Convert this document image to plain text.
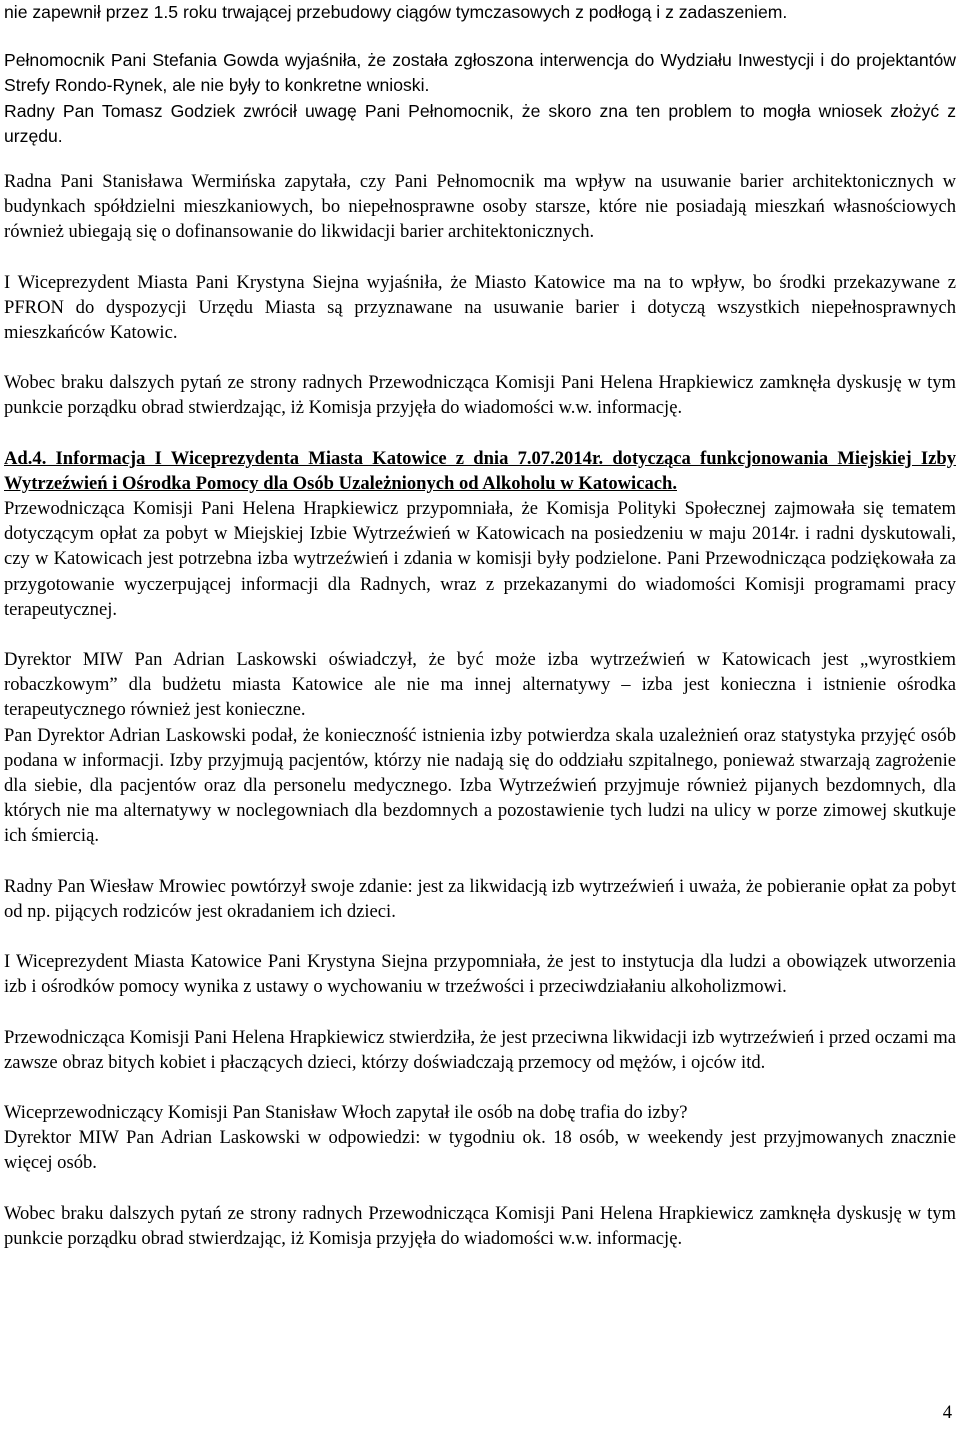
nie zapewnił przez 1.5 roku trwającej przebudowy ciągów tymczasowych z podłogą i z zadaszeniem.

Pełnomocnik Pani Stefania Gowda wyjaśniła, że została zgłoszona interwencja do Wydziału Inwestycji i do projektantów Strefy Rondo-Rynek, ale nie były to konkretne wnioski.

Radny Pan Tomasz Godziek zwrócił uwagę Pani Pełnomocnik, że skoro zna ten problem to mogła wniosek złożyć z urzędu.

Radna Pani Stanisława Wermińska zapytała, czy Pani Pełnomocnik ma wpływ na usuwanie barier architektonicznych w budynkach spółdzielni mieszkaniowych, bo niepełnosprawne osoby starsze, które nie posiadają mieszkań własnościowych również ubiegają się o dofinansowanie do likwidacji barier architektonicznych.

I Wiceprezydent Miasta Pani Krystyna Siejna wyjaśniła, że Miasto Katowice ma na to wpływ, bo środki przekazywane z PFRON do dyspozycji Urzędu Miasta są przyznawane na usuwanie barier i dotyczą wszystkich niepełnosprawnych mieszkańców Katowic.

Wobec braku dalszych pytań ze strony radnych Przewodnicząca Komisji Pani Helena Hrapkiewicz zamknęła dyskusję w tym punkcie porządku obrad stwierdzając, iż Komisja przyjęła do wiadomości w.w. informację.

Ad.4. Informacja I Wiceprezydenta Miasta Katowice z dnia 7.07.2014r. dotycząca funkcjonowania Miejskiej Izby Wytrzeźwień i Ośrodka Pomocy dla Osób Uzależnionych od Alkoholu w Katowicach.

Przewodnicząca Komisji Pani Helena Hrapkiewicz przypomniała, że Komisja Polityki Społecznej zajmowała się tematem dotyczącym opłat za pobyt w Miejskiej Izbie Wytrzeźwień w Katowicach na posiedzeniu w maju 2014r. i radni dyskutowali, czy w Katowicach jest potrzebna izba wytrzeźwień i zdania w komisji były podzielone. Pani Przewodnicząca podziękowała za przygotowanie wyczerpującej informacji dla Radnych, wraz z przekazanymi do wiadomości Komisji programami pracy terapeutycznej.

Dyrektor MIW Pan Adrian Laskowski oświadczył, że być może izba wytrzeźwień w Katowicach jest „wyrostkiem robaczkowym” dla budżetu miasta Katowice ale nie ma innej alternatywy – izba jest konieczna i istnienie ośrodka terapeutycznego również jest konieczne.

Pan Dyrektor Adrian Laskowski podał, że konieczność istnienia izby potwierdza skala uzależnień oraz statystyka przyjęć osób podana w informacji. Izby przyjmują pacjentów, którzy nie nadają się do oddziału szpitalnego, ponieważ stwarzają zagrożenie dla siebie, dla pacjentów oraz dla personelu medycznego. Izba Wytrzeźwień przyjmuje również pijanych bezdomnych, dla których nie ma alternatywy w noclegowniach dla bezdomnych a pozostawienie tych ludzi na ulicy w porze zimowej skutkuje ich śmiercią.

Radny Pan Wiesław Mrowiec powtórzył swoje zdanie: jest za likwidacją izb wytrzeźwień i uważa, że pobieranie opłat za pobyt od np. pijących rodziców jest okradaniem ich dzieci.

I Wiceprezydent Miasta Katowice Pani Krystyna Siejna przypomniała, że jest to instytucja dla ludzi a obowiązek utworzenia izb i ośrodków pomocy wynika z ustawy o wychowaniu w trzeźwości i przeciwdziałaniu alkoholizmowi.

Przewodnicząca Komisji Pani Helena Hrapkiewicz stwierdziła, że jest przeciwna likwidacji izb wytrzeźwień i przed oczami ma zawsze obraz bitych kobiet i płaczących dzieci, którzy doświadczają przemocy od mężów, i ojców itd.

Wiceprzewodniczący Komisji Pan Stanisław Włoch zapytał ile osób na dobę trafia do izby?

Dyrektor MIW Pan Adrian Laskowski w odpowiedzi: w tygodniu ok. 18 osób, w weekendy jest przyjmowanych znacznie więcej osób.

Wobec braku dalszych pytań ze strony radnych Przewodnicząca Komisji Pani Helena Hrapkiewicz zamknęła dyskusję w tym punkcie porządku obrad stwierdzając, iż Komisja przyjęła do wiadomości w.w. informację.

4
